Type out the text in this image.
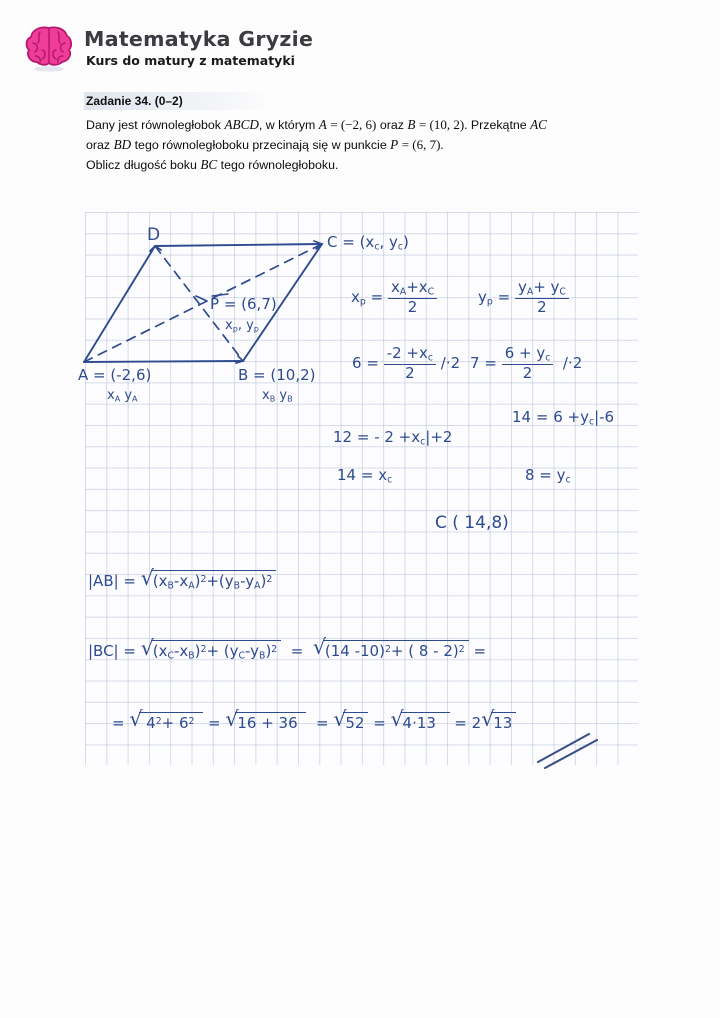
Matematyka Gryzie
Kurs do matury z matematyki
Zadanie 34. (0–2)
Dany jest równoległobok ABCD, w którym A = (−2, 6) oraz B = (10, 2). Przekątne AC
oraz BD tego równoległoboku przecinają się w punkcie P = (6, 7).
Oblicz długość boku BC tego równoległoboku.
D	$C = (x_c$, $y_c$)
P = (6,7)
$x_p$, $y_p$
A = (-2,6)
$x_A$ $y_A$
B = (10,2)
$x_B$ $y_B$
$x_p = \frac{x_A+x_C}{2}$	$y_p = \frac{y_A+ y_C}{2}$
$6 = \frac{-2 +x_c}{2} /\cdot 2$ $7 = \frac{6 + y_c}{2} /\cdot 2$
12 = - $2 +x_c|+2$
$14 = x_c$
$14 = 6 +y_c|-6$
$8 = y_c$
C ( 14,8)
|AB| = √
$(x_B-x_A)^2+(y_B-y_A)^2$
|BC| = √
$(x_C-x_B)^2+ (y_C-y_B)^2$ = √
(14 -10)$^2$+ ( 8 - 2)$^2$ =
= √ $4^2+ 6^2$ = √
16 + 36 = √
52 = √
4·13 = 2 √
13
